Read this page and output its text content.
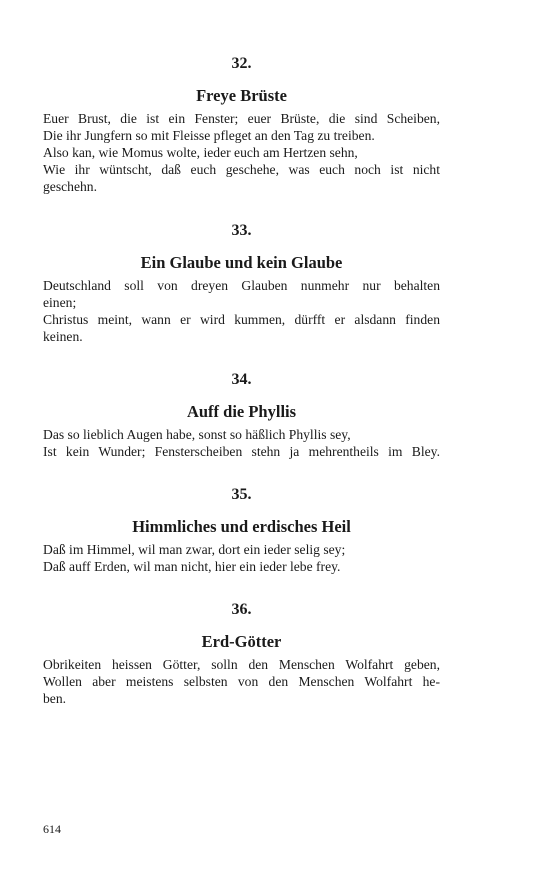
32.
Freye Brüste
Euer Brust, die ist ein Fenster; euer Brüste, die sind Scheiben,
Die ihr Jungfern so mit Fleisse pfleget an den Tag zu treiben.
Also kan, wie Momus wolte, ieder euch am Hertzen sehn,
Wie ihr wüntscht, daß euch geschehe, was euch noch ist nicht
geschehn.
33.
Ein Glaube und kein Glaube
Deutschland soll von dreyen Glauben nunmehr nur behalten
einen;
Christus meint, wann er wird kummen, dürfft er alsdann finden
keinen.
34.
Auff die Phyllis
Das so lieblich Augen habe, sonst so häßlich Phyllis sey,
Ist kein Wunder; Fensterscheiben stehn ja mehrentheils im Bley.
35.
Himmliches und erdisches Heil
Daß im Himmel, wil man zwar, dort ein ieder selig sey;
Daß auff Erden, wil man nicht, hier ein ieder lebe frey.
36.
Erd-Götter
Obrikeiten heissen Götter, solln den Menschen Wolfahrt geben,
Wollen aber meistens selbsten von den Menschen Wolfahrt he-
ben.
614
